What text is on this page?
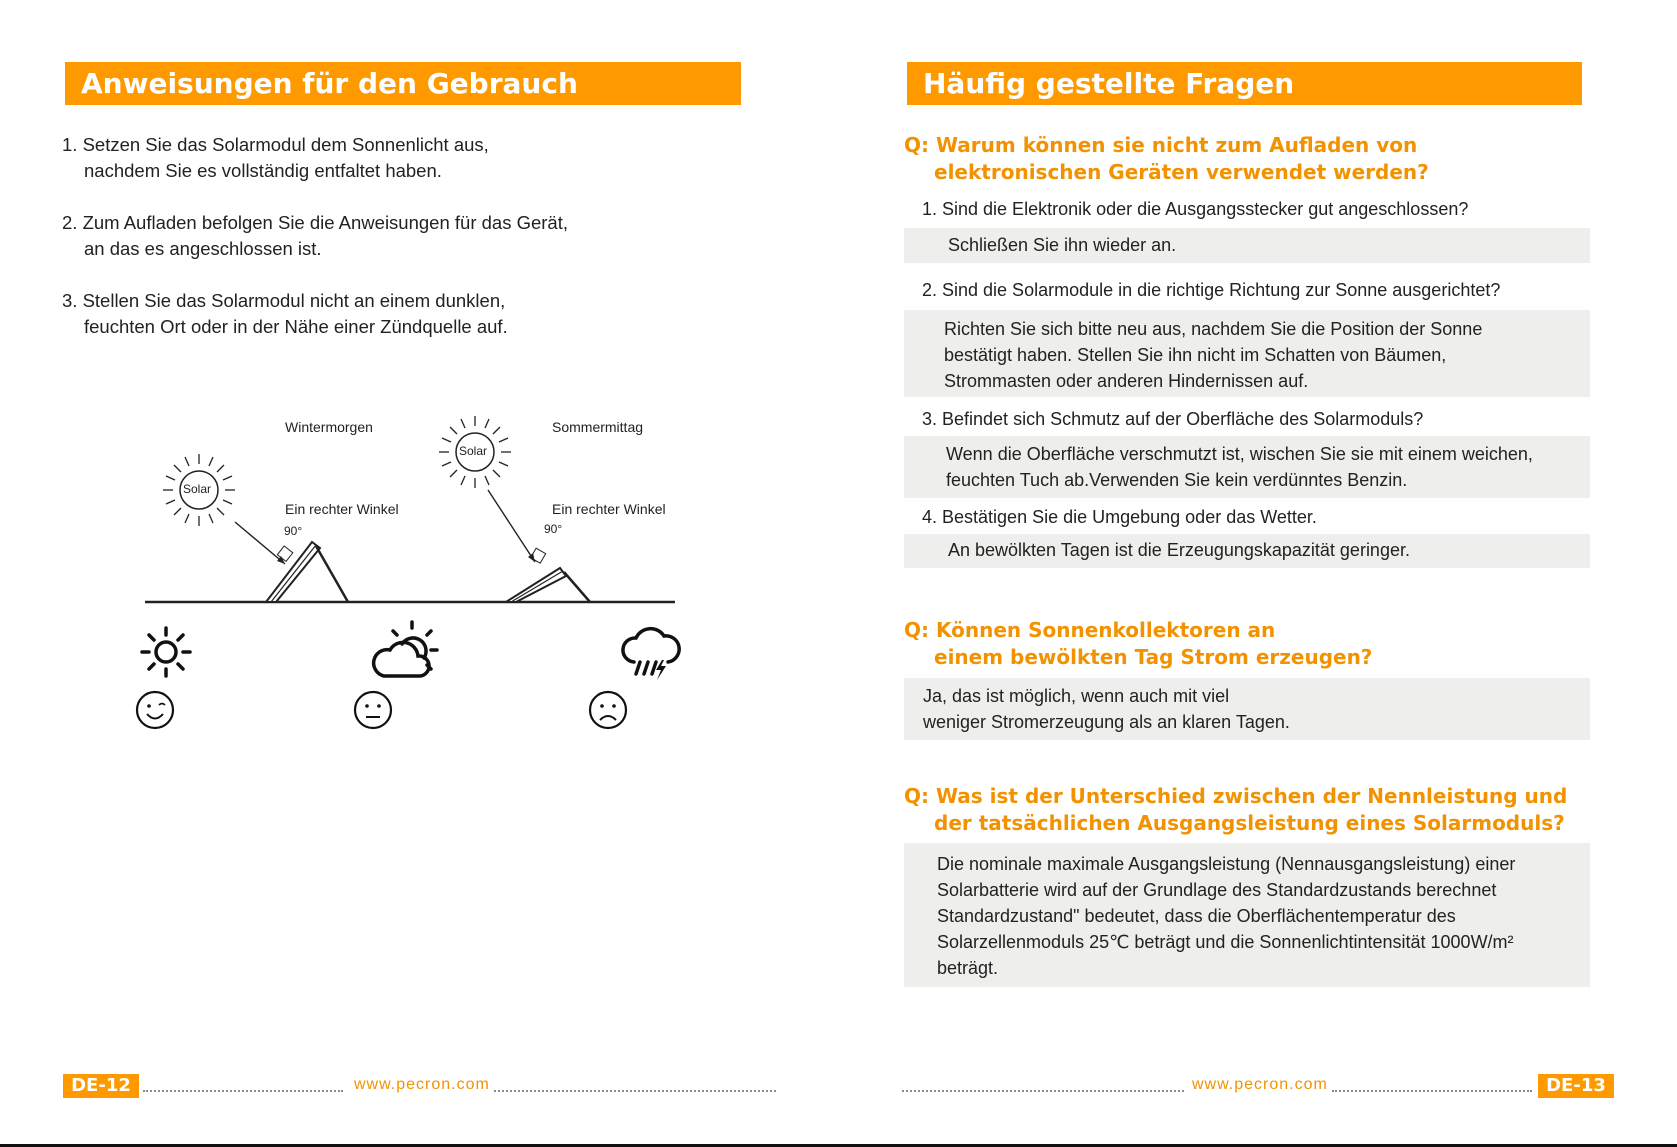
Anweisungen für den Gebrauch
1. Setzen Sie das Solarmodul dem Sonnenlicht aus,
nachdem Sie es vollständig entfaltet haben.
2. Zum Aufladen befolgen Sie die Anweisungen für das Gerät,
an das es angeschlossen ist.
3. Stellen Sie das Solarmodul nicht an einem dunklen,
feuchten Ort oder in der Nähe einer Zündquelle auf.
Solar
Solar
Wintermorgen	Sommermittag
Ein rechter Winkel	Ein rechter Winkel
90°	90°
DE-12	www.pecron.com
Häufig gestellte Fragen
Q: Warum können sie nicht zum Aufladen von
elektronischen Geräten verwendet werden?
1. Sind die Elektronik oder die Ausgangsstecker gut angeschlossen?
Schließen Sie ihn wieder an.
2. Sind die Solarmodule in die richtige Richtung zur Sonne ausgerichtet?
Richten Sie sich bitte neu aus, nachdem Sie die Position der Sonne
bestätigt haben. Stellen Sie ihn nicht im Schatten von Bäumen,
Strommasten oder anderen Hindernissen auf.
3. Befindet sich Schmutz auf der Oberfläche des Solarmoduls?
Wenn die Oberfläche verschmutzt ist, wischen Sie sie mit einem weichen,
feuchten Tuch ab.Verwenden Sie kein verdünntes Benzin.
4. Bestätigen Sie die Umgebung oder das Wetter.
An bewölkten Tagen ist die Erzeugungskapazität geringer.
Q: Können Sonnenkollektoren an
einem bewölkten Tag Strom erzeugen?
Ja, das ist möglich, wenn auch mit viel
weniger Stromerzeugung als an klaren Tagen.
Q: Was ist der Unterschied zwischen der Nennleistung und
der tatsächlichen Ausgangsleistung eines Solarmoduls?
Die nominale maximale Ausgangsleistung (Nennausgangsleistung) einer
Solarbatterie wird auf der Grundlage des Standardzustands berechnet
Standardzustand" bedeutet, dass die Oberflächentemperatur des
Solarzellenmoduls 25℃ beträgt und die Sonnenlichtintensität 1000W/m²
beträgt.
www.pecron.com	DE-13
